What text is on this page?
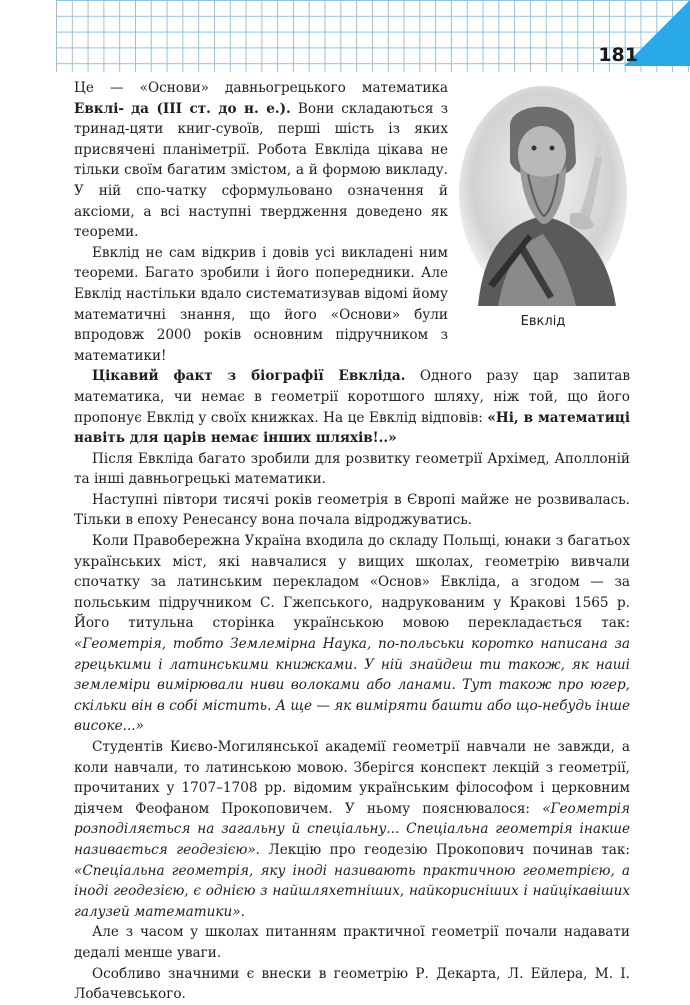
181
Евклід

Це — «Основи» давньогрецького математика Евклі- да (III ст. до н. е.). Вони складаються з тринад-цяти книг-сувоїв, перші шість із яких присвячені планіметрії. Робота Евкліда цікава не тільки своїм багатим змістом, а й формою викладу. У ній спо-чатку сформульовано означення й аксіоми, а всі наступні твердження доведено як теореми.

Евклід не сам відкрив і довів усі викладені ним теореми. Багато зробили і його попередники. Але Евклід настільки вдало систематизував відомі йому математичні знання, що його «Основи» були впродовж 2000 років основним підручником з математики!

Цікавий факт з біографії Евкліда. Одного разу цар запитав математика, чи немає в геометрії коротшого шляху, ніж той, що його пропонує Евклід у своїх книжках. На це Евклід відповів: «Ні, в математиці навіть для царів немає інших шляхів!..»

Після Евкліда багато зробили для розвитку геометрії Архімед, Аполлоній та інші давньогрецькі математики.

Наступні півтори тисячі років геометрія в Європі майже не розвивалась. Тільки в епоху Ренесансу вона почала відроджуватись.

Коли Правобережна Україна входила до складу Польщі, юнаки з багатьох українських міст, які навчалися у вищих школах, геометрію вивчали спочатку за латинським перекладом «Основ» Евкліда, а згодом — за польським підручником С. Гжепського, надрукованим у Кракові 1565 р. Його титульна сторінка українською мовою перекладається так: «Геометрія, тобто Землемірна Наука, по-польськи коротко написана за грецькими і латинськими книжками. У ній знайдеш ти також, як наші землеміри вимірювали ниви волоками або ланами. Тут також про югер, скільки він в собі містить. А ще — як виміряти башти або що-небудь інше високе...»

Студентів Києво-Могилянської академії геометрії навчали не завжди, а коли навчали, то латинською мовою. Зберігся конспект лекцій з геометрії, прочитаних у 1707–1708 рр. відомим українським філософом і церковним діячем Феофаном Прокоповичем. У ньому пояснювалося: «Геометрія розподіляється на загальну й спеціальну... Спеціальна геометрія інакше називається геодезією». Лекцію про геодезію Прокопович починав так: «Спеціальна геометрія, яку іноді називають практичною геометрією, а іноді геодезією, є однією з найшляхетніших, найкорисніших і найцікавіших галузей математики».

Але з часом у школах питанням практичної геометрії почали надавати дедалі менше уваги.

Особливо значними є внески в геометрію Р. Декарта, Л. Ейлера, М. І. Лобачевського.
